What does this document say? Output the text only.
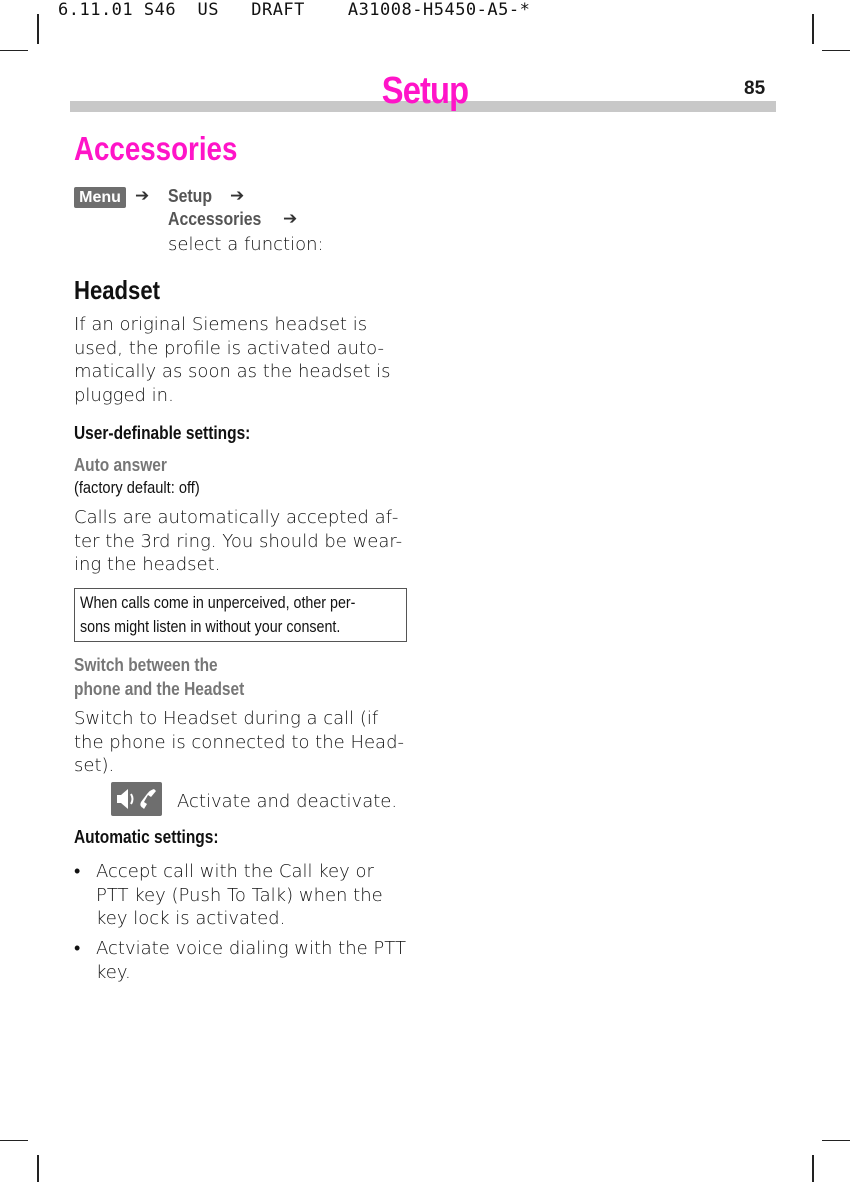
6.11.01 S46  US   DRAFT    A31008-H5450-A5-*
Setup	85
Accessories
Menu ➔ Setup ➔
Accessories ➔
select a function:
Headset
If an original Siemens headset is
used, the profile is activated auto-
matically as soon as the headset is
plugged in.
User-definable settings:
Auto answer
(factory default: off)
Calls are automatically accepted af-
ter the 3rd ring. You should be wear-
ing the headset.
When calls come in unperceived, other per-
sons might listen in without your consent.
Switch between the
phone and the Headset
Switch to Headset during a call (if
the phone is connected to the Head-
set).
Activate and deactivate.
Automatic settings:
• Accept call with the Call key or
PTT key (Push To Talk) when the
key lock is activated.
• Actviate voice dialing with the PTT
key.
